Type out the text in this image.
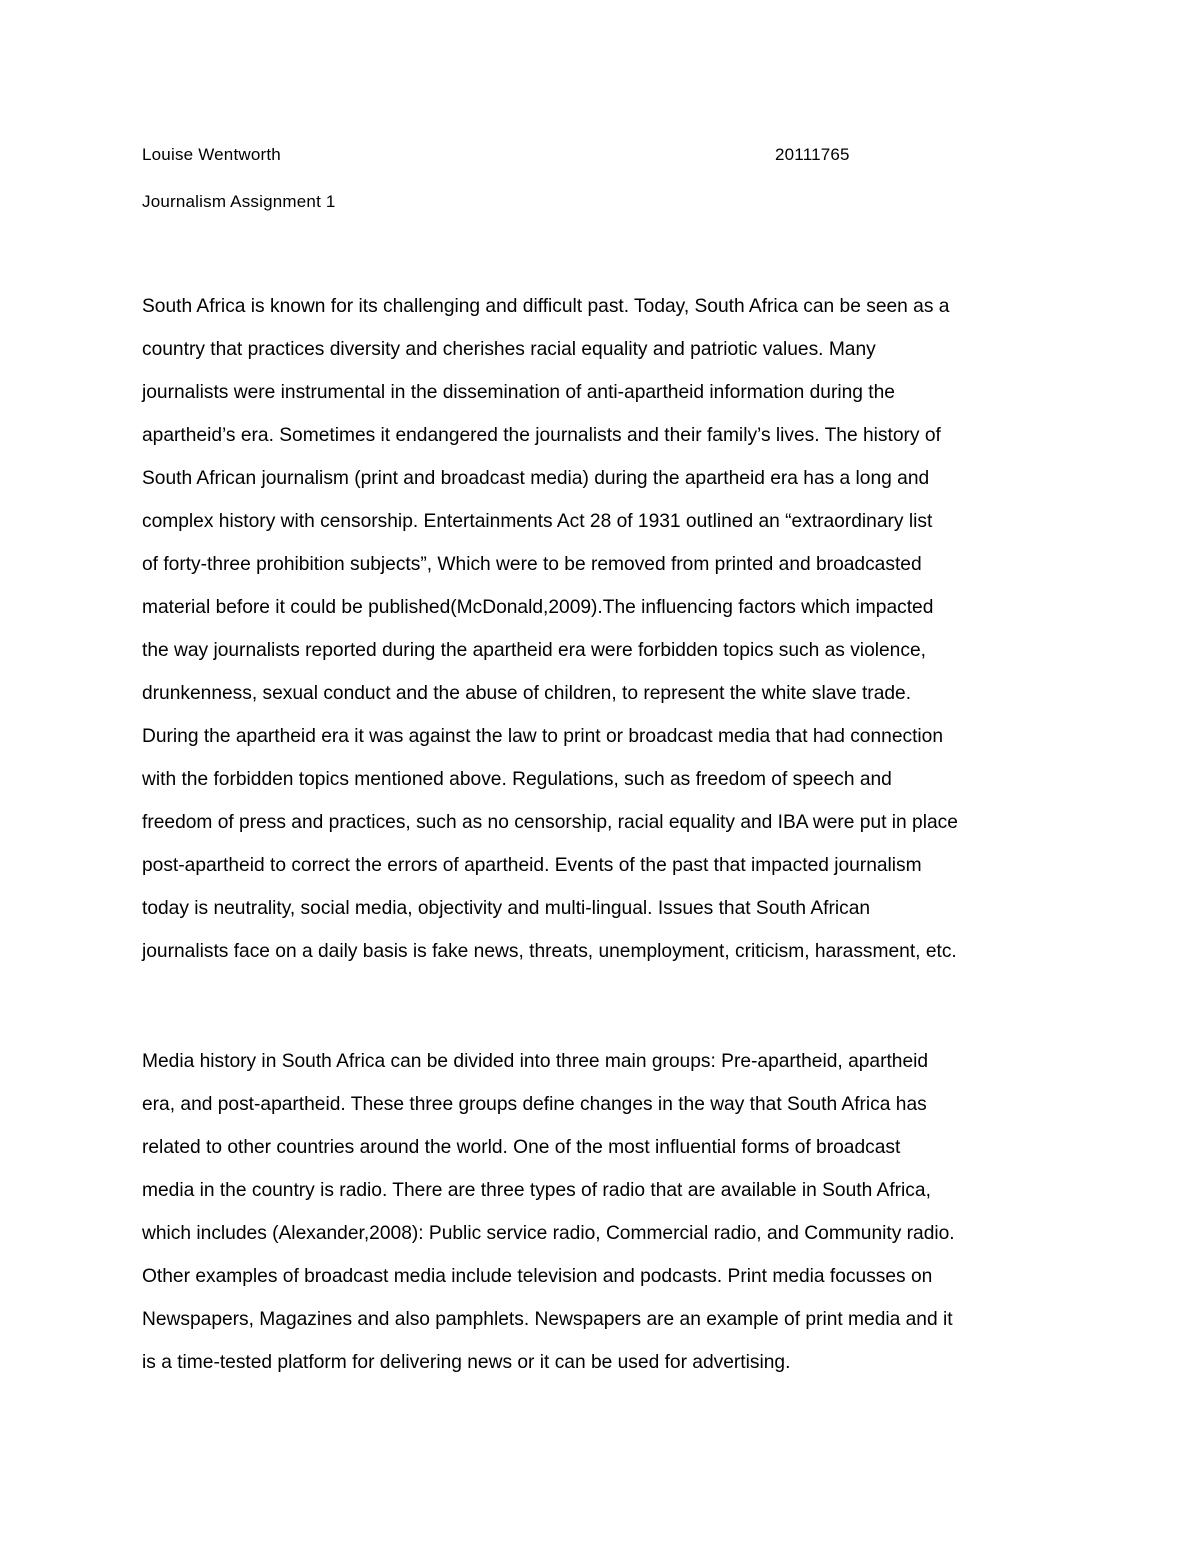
Louise Wentworth	20111765
Journalism Assignment 1
South Africa is known for its challenging and difficult past. Today, South Africa can be seen as a
country that practices diversity and cherishes racial equality and patriotic values. Many
journalists were instrumental in the dissemination of anti-apartheid information during the
apartheid’s era. Sometimes it endangered the journalists and their family’s lives. The history of
South African journalism (print and broadcast media) during the apartheid era has a long and
complex history with censorship. Entertainments Act 28 of 1931 outlined an “extraordinary list
of forty-three prohibition subjects”, Which were to be removed from printed and broadcasted
material before it could be published(McDonald,2009).The influencing factors which impacted
the way journalists reported during the apartheid era were forbidden topics such as violence,
drunkenness, sexual conduct and the abuse of children, to represent the white slave trade.
During the apartheid era it was against the law to print or broadcast media that had connection
with the forbidden topics mentioned above. Regulations, such as freedom of speech and
freedom of press and practices, such as no censorship, racial equality and IBA were put in place
post-apartheid to correct the errors of apartheid. Events of the past that impacted journalism
today is neutrality, social media, objectivity and multi-lingual. Issues that South African
journalists face on a daily basis is fake news, threats, unemployment, criticism, harassment, etc.
Media history in South Africa can be divided into three main groups: Pre-apartheid, apartheid
era, and post-apartheid. These three groups define changes in the way that South Africa has
related to other countries around the world. One of the most influential forms of broadcast
media in the country is radio. There are three types of radio that are available in South Africa,
which includes (Alexander,2008): Public service radio, Commercial radio, and Community radio.
Other examples of broadcast media include television and podcasts. Print media focusses on
Newspapers, Magazines and also pamphlets. Newspapers are an example of print media and it
is a time-tested platform for delivering news or it can be used for advertising.
